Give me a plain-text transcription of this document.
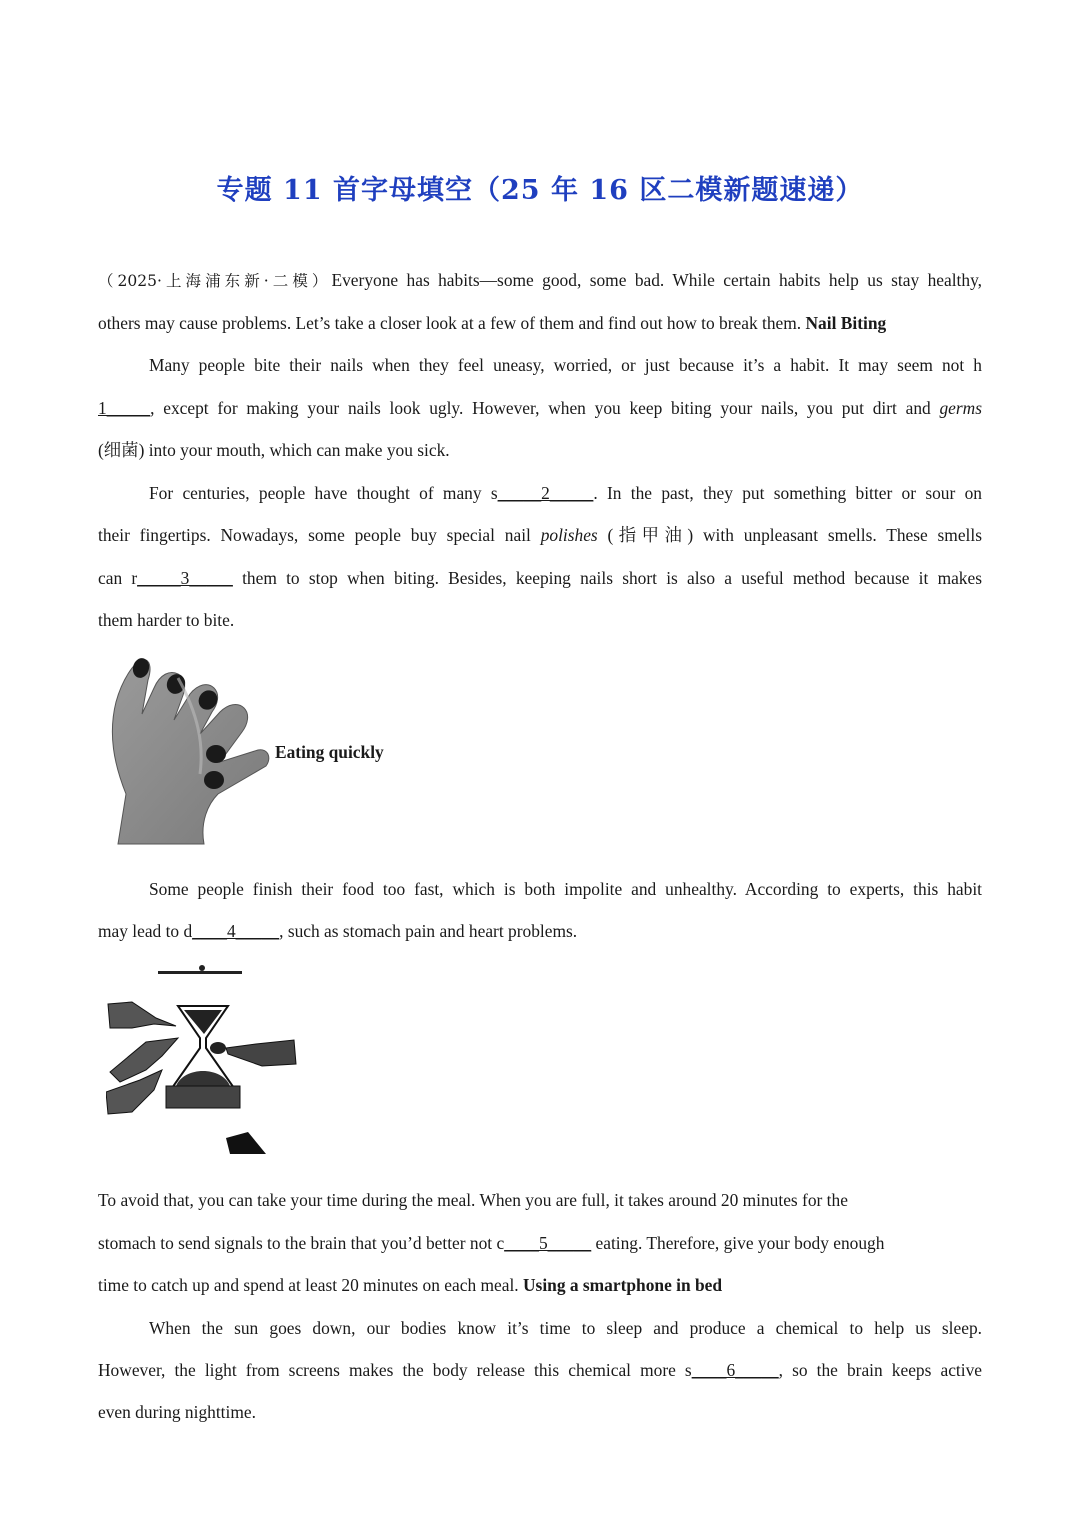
专题 11 首字母填空（25 年 16 区二模新题速递）
（2025·上海浦东新·二模）Everyone has habits—some good, some bad. While certain habits help us stay healthy,
others may cause problems. Let’s take a closer look at a few of them and find out how to break them. Nail Biting
Many people bite their nails when they feel uneasy, worried, or just because it’s a habit. It may seem not h
1_____, except for making your nails look ugly. However, when you keep biting your nails, you put dirt and germs
(细菌) into your mouth, which can make you sick.
For centuries, people have thought of many s_____2_____. In the past, they put something bitter or sour on
their fingertips. Nowadays, some people buy special nail polishes (指甲油) with unpleasant smells. These smells
can r_____3_____ them to stop when biting. Besides, keeping nails short is also a useful method because it makes
them harder to bite.
Eating quickly
Some people finish their food too fast, which is both impolite and unhealthy. According to experts, this habit
may lead to d____4_____, such as stomach pain and heart problems.
To avoid that, you can take your time during the meal. When you are full, it takes around 20 minutes for the
stomach to send signals to the brain that you’d better not c____5_____ eating. Therefore, give your body enough
time to catch up and spend at least 20 minutes on each meal. Using a smartphone in bed
When the sun goes down, our bodies know it’s time to sleep and produce a chemical to help us sleep.
However, the light from screens makes the body release this chemical more s____6_____, so the brain keeps active
even during nighttime.
